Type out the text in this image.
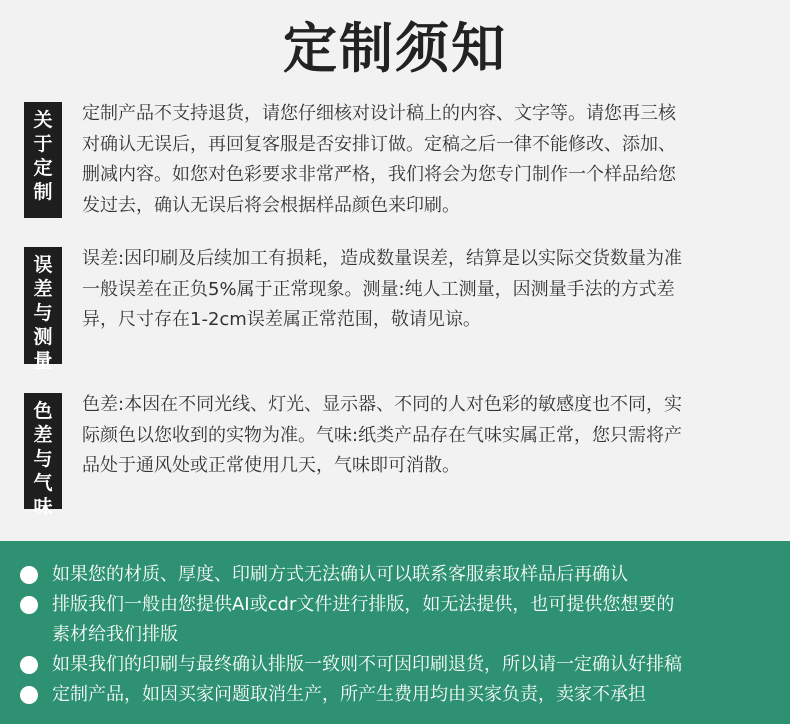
定制须知
关
于
定
制
定制产品不支持退货，请您仔细核对设计稿上的内容、文字等。请您再三核
对确认无误后，再回复客服是否安排订做。定稿之后一律不能修改、添加、
删减内容。如您对色彩要求非常严格，我们将会为您专门制作一个样品给您
发过去，确认无误后将会根据样品颜色来印刷。
误
差
与
测
量
误差:因印刷及后续加工有损耗，造成数量误差，结算是以实际交货数量为准
一般误差在正负5%属于正常现象。测量:纯人工测量，因测量手法的方式差
异，尺寸存在1-2cm误差属正常范围，敬请见谅。
色
差
与
气
味
色差:本因在不同光线、灯光、显示器、不同的人对色彩的敏感度也不同，实
际颜色以您收到的实物为准。气味:纸类产品存在气味实属正常，您只需将产
品处于通风处或正常使用几天，气味即可消散。
如果您的材质、厚度、印刷方式无法确认可以联系客服索取样品后再确认
排版我们一般由您提供AI或cdr文件进行排版，如无法提供，也可提供您想要的
素材给我们排版
如果我们的印刷与最终确认排版一致则不可因印刷退货，所以请一定确认好排稿
定制产品，如因买家问题取消生产，所产生费用均由买家负责，卖家不承担
